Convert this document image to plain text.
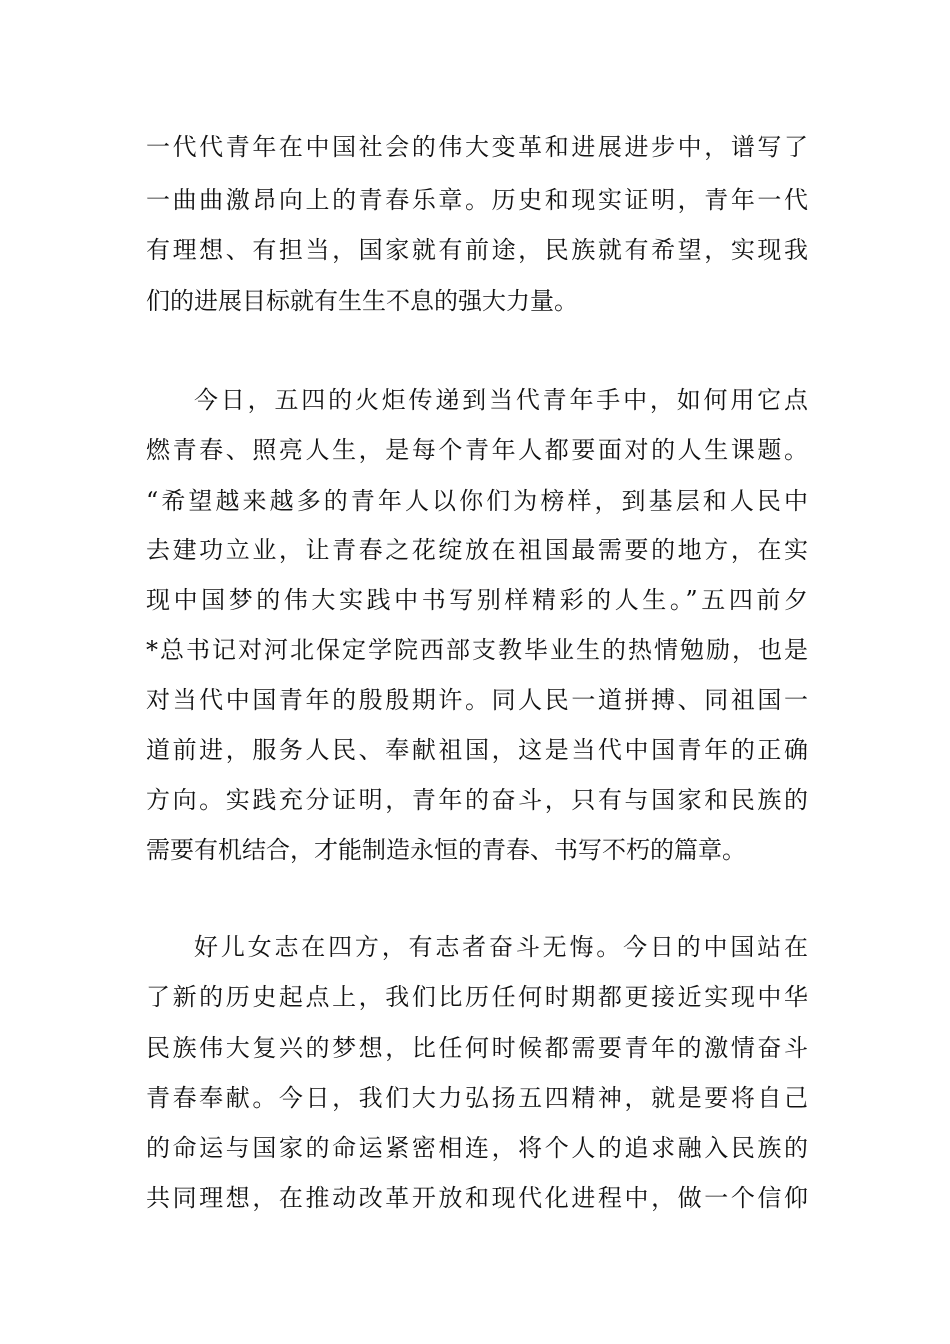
一代代青年在中国社会的伟大变革和进展进步中，谱写了
一曲曲激昂向上的青春乐章。历史和现实证明，青年一代
有理想、有担当，国家就有前途，民族就有希望，实现我
们的进展目标就有生生不息的强大力量。
今日，五四的火炬传递到当代青年手中，如何用它点
燃青春、照亮人生，是每个青年人都要面对的人生课题。
“希望越来越多的青年人以你们为榜样，到基层和人民中
去建功立业，让青春之花绽放在祖国最需要的地方，在实
现中国梦的伟大实践中书写别样精彩的人生。”五四前夕
*总书记对河北保定学院西部支教毕业生的热情勉励，也是
对当代中国青年的殷殷期许。同人民一道拼搏、同祖国一
道前进，服务人民、奉献祖国，这是当代中国青年的正确
方向。实践充分证明，青年的奋斗，只有与国家和民族的
需要有机结合，才能制造永恒的青春、书写不朽的篇章。
好儿女志在四方，有志者奋斗无悔。今日的中国站在
了新的历史起点上，我们比历任何时期都更接近实现中华
民族伟大复兴的梦想，比任何时候都需要青年的激情奋斗
青春奉献。今日，我们大力弘扬五四精神，就是要将自己
的命运与国家的命运紧密相连，将个人的追求融入民族的
共同理想，在推动改革开放和现代化进程中，做一个信仰
